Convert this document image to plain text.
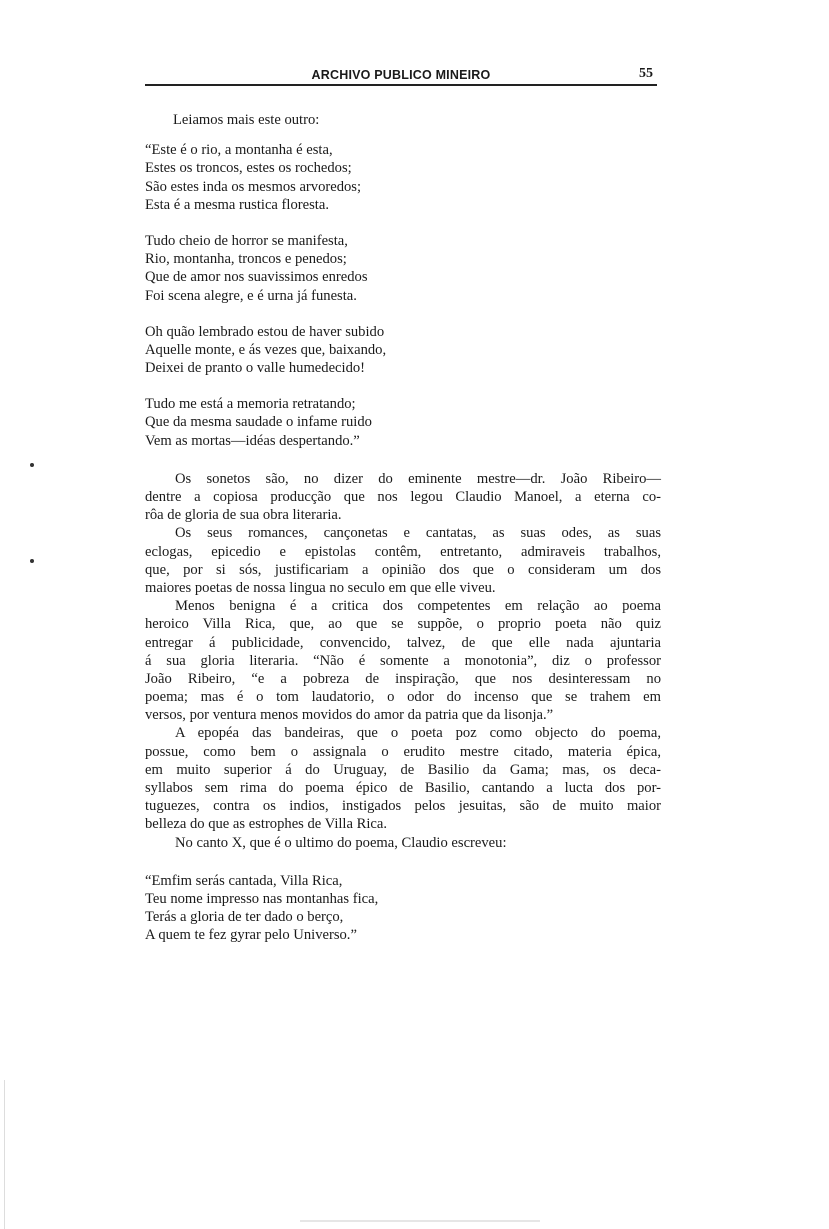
ARCHIVO PUBLICO MINEIRO	55
Leiamos mais este outro:
“Este é o rio, a montanha é esta,
Estes os troncos, estes os rochedos;
São estes inda os mesmos arvoredos;
Esta é a mesma rustica floresta.
Tudo cheio de horror se manifesta,
Rio, montanha, troncos e penedos;
Que de amor nos suavissimos enredos
Foi scena alegre, e é urna já funesta.
Oh quão lembrado estou de haver subido
Aquelle monte, e ás vezes que, baixando,
Deixei de pranto o valle humedecido!
Tudo me está a memoria retratando;
Que da mesma saudade o infame ruido
Vem as mortas—idéas despertando.”
Os sonetos são, no dizer do eminente mestre—dr. João Ribeiro—
dentre a copiosa producção que nos legou Claudio Manoel, a eterna co-
rôa de gloria de sua obra literaria.
Os seus romances, cançonetas e cantatas, as suas odes, as suas
eclogas, epicedio e epistolas contêm, entretanto, admiraveis trabalhos,
que, por si sós, justificariam a opinião dos que o consideram um dos
maiores poetas de nossa lingua no seculo em que elle viveu.
Menos benigna é a critica dos competentes em relação ao poema
heroico Villa Rica, que, ao que se suppõe, o proprio poeta não quiz
entregar á publicidade, convencido, talvez, de que elle nada ajuntaria
á sua gloria literaria. “Não é somente a monotonia”, diz o professor
João Ribeiro, “e a pobreza de inspiração, que nos desinteressam no
poema; mas é o tom laudatorio, o odor do incenso que se trahem em
versos, por ventura menos movidos do amor da patria que da lisonja.”
A epopéa das bandeiras, que o poeta poz como objecto do poema,
possue, como bem o assignala o erudito mestre citado, materia épica,
em muito superior á do Uruguay, de Basilio da Gama; mas, os deca-
syllabos sem rima do poema épico de Basilio, cantando a lucta dos por-
tuguezes, contra os indios, instigados pelos jesuitas, são de muito maior
belleza do que as estrophes de Villa Rica.
No canto X, que é o ultimo do poema, Claudio escreveu:
“Emfim serás cantada, Villa Rica,
Teu nome impresso nas montanhas fica,
Terás a gloria de ter dado o berço,
A quem te fez gyrar pelo Universo.”
